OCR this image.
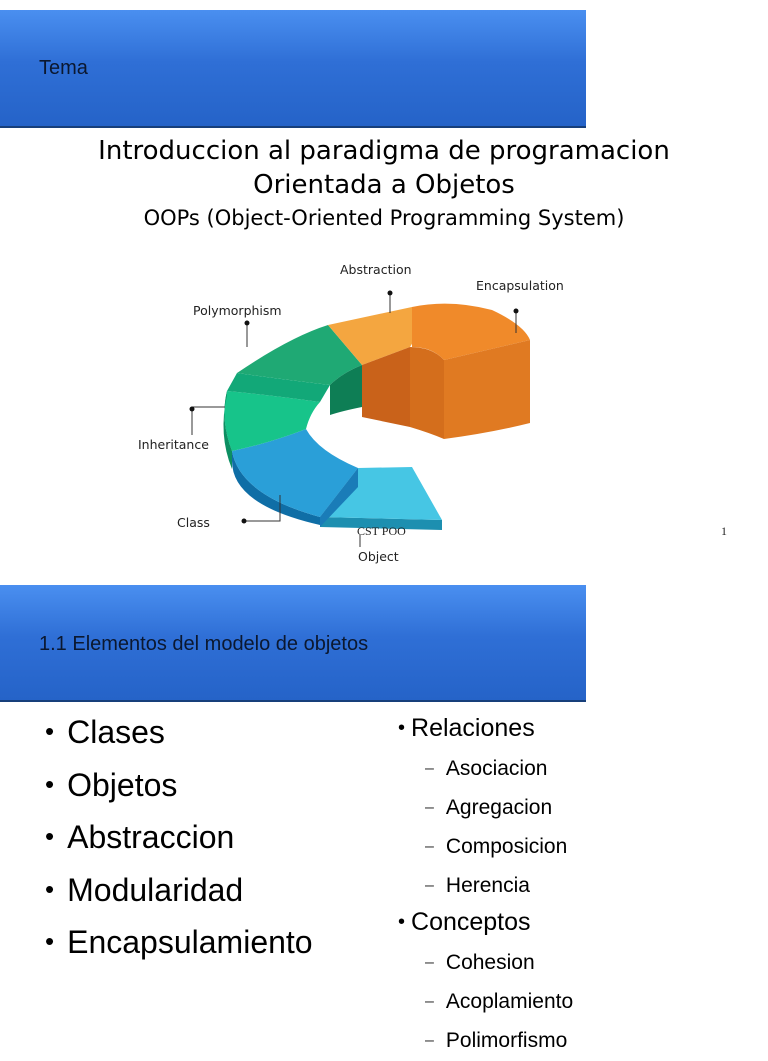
Tema
Introduccion al paradigma de programacion
Orientada a Objetos
OOPs (Object-Oriented Programming System)
Abstraction
Encapsulation
Polymorphism
Inheritance
Class
Object
CST POO	1
1.1 Elementos del modelo de objetos
• Clases
• Objetos
• Abstraccion
• Modularidad
• Encapsulamiento
• Relaciones
– Asociacion
– Agregacion
– Composicion
– Herencia
• Conceptos
– Cohesion
– Acoplamiento
– Polimorfismo
